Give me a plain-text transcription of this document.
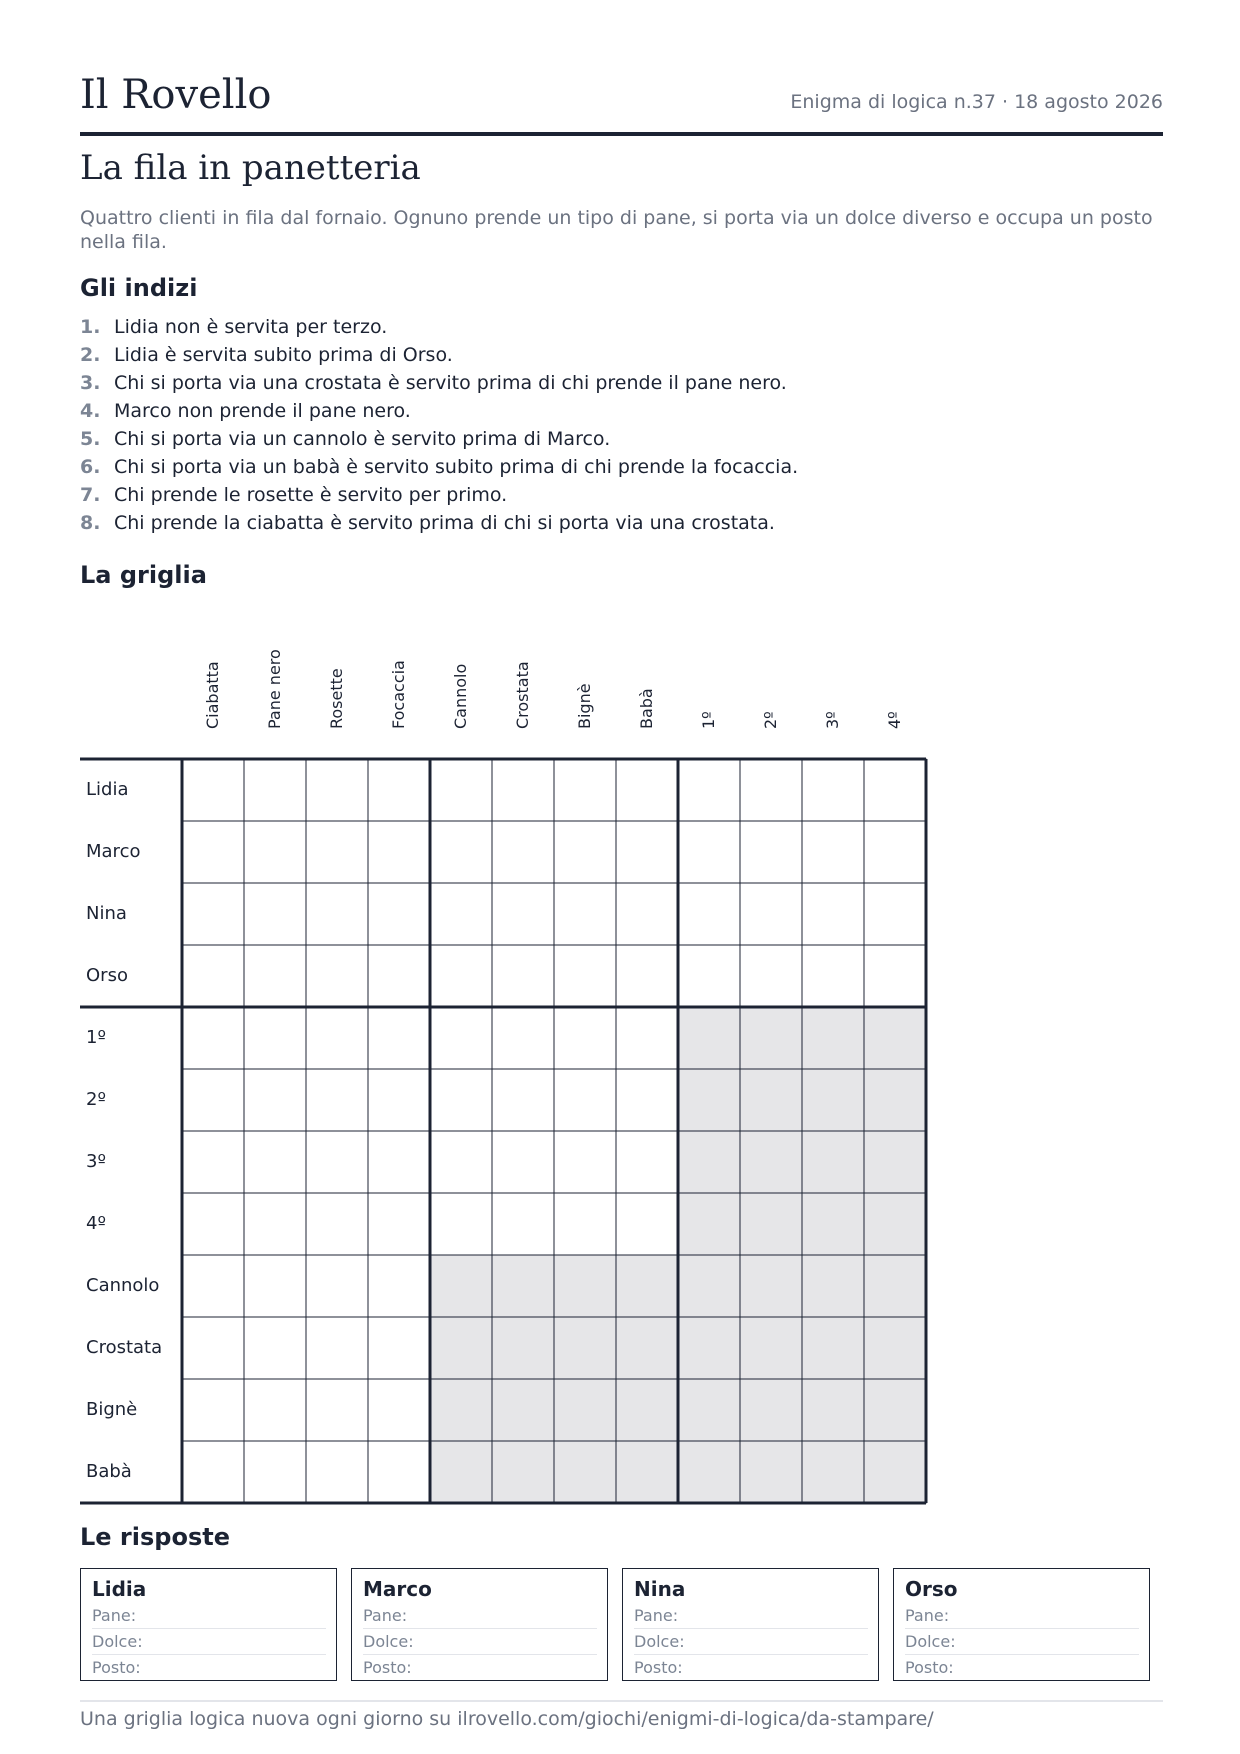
Il Rovello	Enigma di logica n.37 · 18 agosto 2026
La fila in panetteria

Quattro clienti in fila dal fornaio. Ognuno prende un tipo di pane, si porta via un dolce diverso e occupa un posto nella fila.

Gli indizi
1. Lidia non è servita per terzo.
2. Lidia è servita subito prima di Orso.
3. Chi si porta via una crostata è servito prima di chi prende il pane nero.
4. Marco non prende il pane nero.
5. Chi si porta via un cannolo è servito prima di Marco.
6. Chi si porta via un babà è servito subito prima di chi prende la focaccia.
7. Chi prende le rosette è servito per primo.
8. Chi prende la ciabatta è servito prima di chi si porta via una crostata.
La griglia
Ciabatta	Pane nero	Rosette	Focaccia	Cannolo	Crostata	Bignè	Babà	1º	2º	3º	4º
Lidia
Marco
Nina
Orso
1º
2º
3º
4º
Cannolo
Crostata
Bignè
Babà
Le risposte
Lidia
Pane:
Dolce:
Posto:
Marco
Pane:
Dolce:
Posto:
Nina
Pane:
Dolce:
Posto:
Orso
Pane:
Dolce:
Posto:
Una griglia logica nuova ogni giorno su ilrovello.com/giochi/enigmi-di-logica/da-stampare/
